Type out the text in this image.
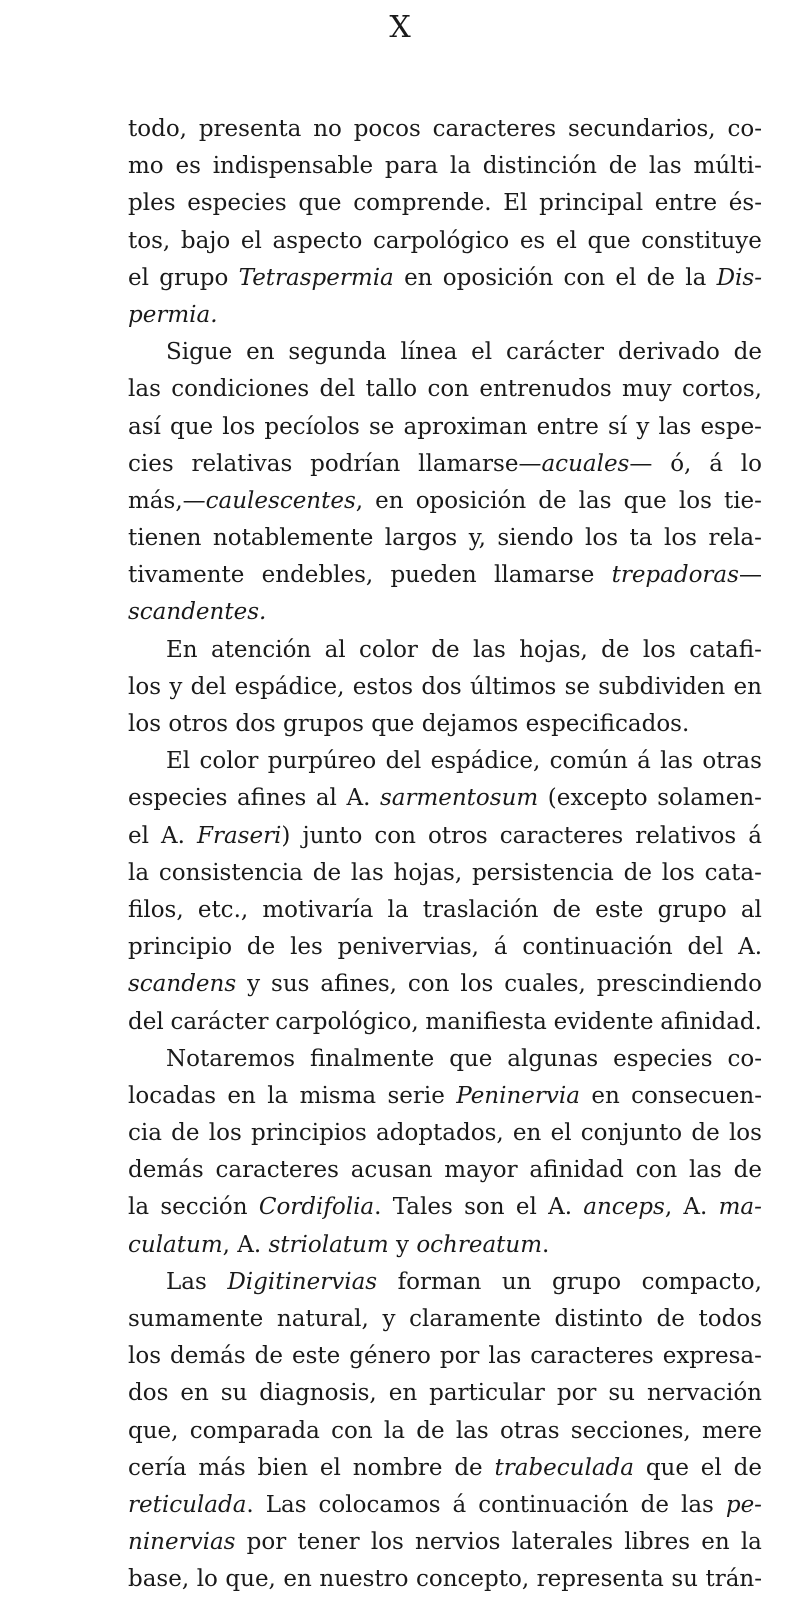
X
todo, presenta no pocos caracteres secundarios, co-
mo es indispensable para la distinción de las múlti-
ples especies que comprende. El principal entre és-
tos, bajo el aspecto carpológico es el que constituye
el grupo Tetraspermia en oposición con el de la Dis-
permia.
Sigue en segunda línea el carácter derivado de
las condiciones del tallo con entrenudos muy cortos,
así que los pecíolos se aproximan entre sí y las espe-
cies relativas podrían llamarse—acuales— ó, á lo
más,—caulescentes, en oposición de las que los tie-
tienen notablemente largos y, siendo los ta los rela-
tivamente endebles, pueden llamarse trepadoras—
scandentes.
En atención al color de las hojas, de los catafi-
los y del espádice, estos dos últimos se subdividen en
los otros dos grupos que dejamos especificados.
El color purpúreo del espádice, común á las otras
especies afines al A. sarmentosum (excepto solamen-
el A. Fraseri) junto con otros caracteres relativos á
la consistencia de las hojas, persistencia de los cata-
filos, etc., motivaría la traslación de este grupo al
principio de les penivervias, á continuación del A.
scandens y sus afines, con los cuales, prescindiendo
del carácter carpológico, manifiesta evidente afinidad.
Notaremos finalmente que algunas especies co-
locadas en la misma serie Peninervia en consecuen-
cia de los principios adoptados, en el conjunto de los
demás caracteres acusan mayor afinidad con las de
la sección Cordifolia. Tales son el A. anceps, A. ma-
culatum, A. striolatum y ochreatum.
Las Digitinervias forman un grupo compacto,
sumamente natural, y claramente distinto de todos
los demás de este género por las caracteres expresa-
dos en su diagnosis, en particular por su nervación
que, comparada con la de las otras secciones, mere
cería más bien el nombre de trabeculada que el de
reticulada. Las colocamos á continuación de las pe-
ninervias por tener los nervios laterales libres en la
base, lo que, en nuestro concepto, representa su trán-
